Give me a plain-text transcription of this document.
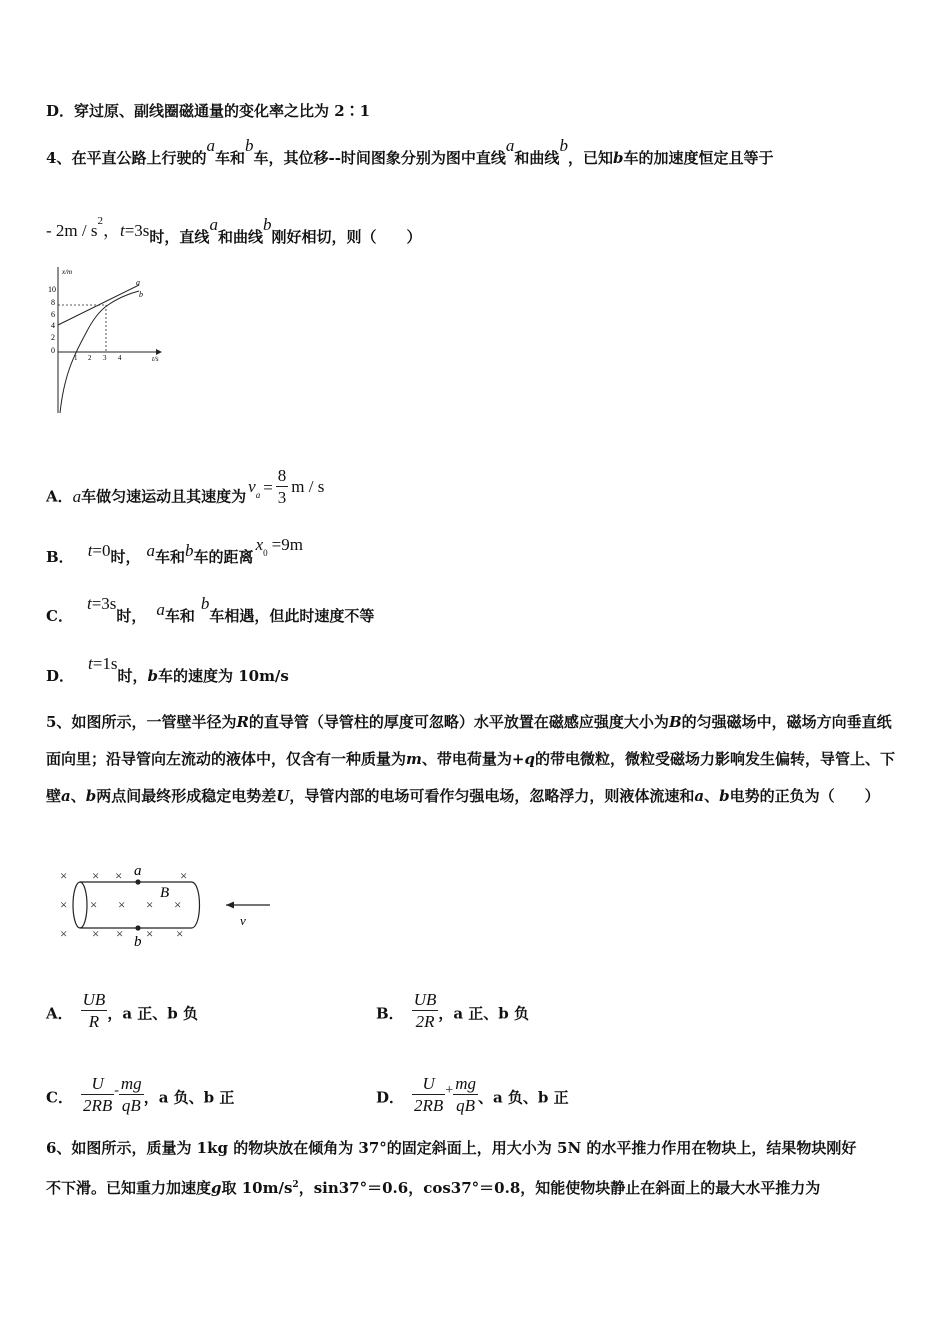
D．穿过原、副线圈磁通量的变化率之比为 2∶1
4、在平直公路上行驶的a车和b车，其位移--时间图象分别为图中直线a和曲线b，已知b车的加速度恒定且等于
- $2m / s^2$，t=3s时，直线a和曲线b刚好相切，则（　　）
x/m
t/s
10
8
6
4
2
0
1 2 3 4
a
b
A．a车做匀速运动且其速度为$v_a = \frac{8}{3}$ m / s
B． t=0时， a车和b车的距离$x_0 =9m$
C．t=3s时， a车和b车相遇，但此时速度不等
D．t=1s时，b车的速度为 10m/s
5、如图所示，一管壁半径为R的直导管（导管柱的厚度可忽略）水平放置在磁感应强度大小为B的匀强磁场中，磁场方向垂直纸面向里；沿导管向左流动的液体中，仅含有一种质量为m、带电荷量为+q的带电微粒，微粒受磁场力影响发生偏转，导管上、下壁a、b两点间最终形成稳定电势差U，导管内部的电场可看作匀强电场，忽略浮力，则液体流速和a、b电势的正负为（　　）
× × ×	×
× × × × ×
× × × × ×
a
b
B
v
A． $\frac{UB}{R}$ ，a 正、b 负	B． $\frac{UB}{2R}$ ，a 正、b 负
C． $\frac{U}{2RB} - \frac{mg}{qB}$ ，a 负、b 正	D． $\frac{U}{2RB} + \frac{mg}{qB}$ 、a 负、b 正
6、如图所示，质量为 1kg 的物块放在倾角为 37°的固定斜面上，用大小为 5N 的水平推力作用在物块上，结果物块刚好
不下滑。已知重力加速度g取 $10m/s^2$，sin37°＝0.6，cos37°＝0.8，知能使物块静止在斜面上的最大水平推力为
